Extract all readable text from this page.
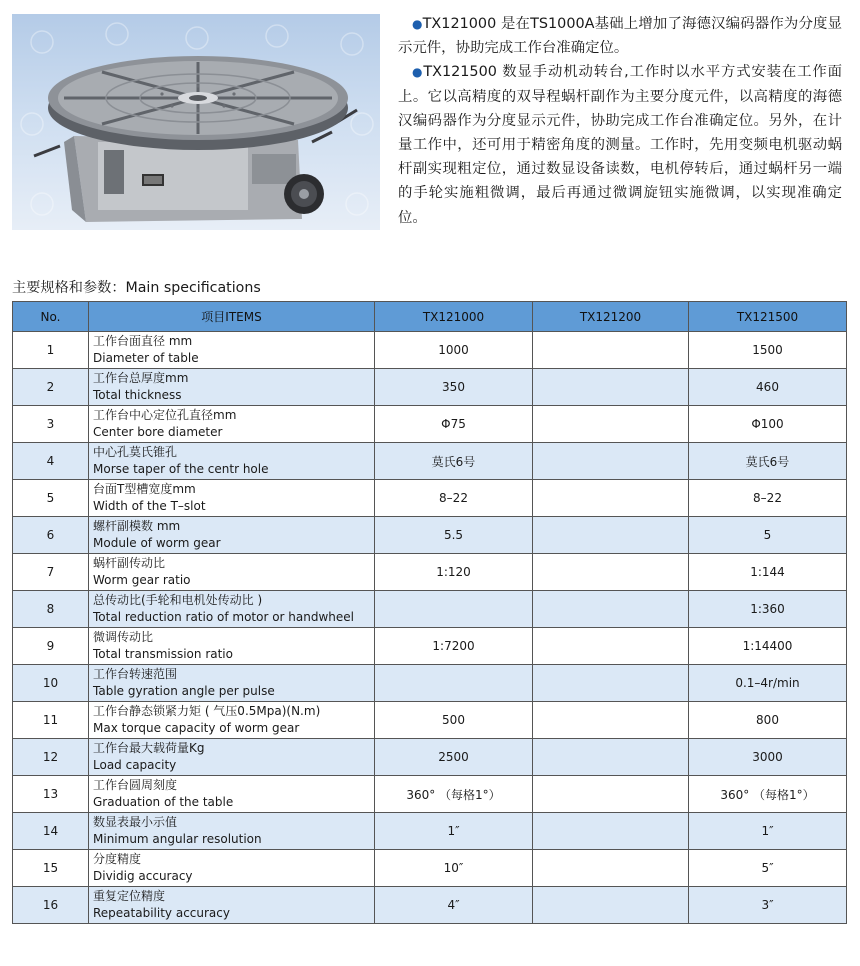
●TX121000 是在TS1000A基础上增加了海德汉编码器作为分度显示元件，协助完成工作台准确定位。

●TX121500 数显手动机动转台,工作时以水平方式安装在工作面上。它以高精度的双导程蜗杆副作为主要分度元件，以高精度的海德汉编码器作为分度显示元件，协助完成工作台准确定位。另外，在计量工作中，还可用于精密角度的测量。工作时，先用变频电机驱动蜗杆副实现粗定位，通过数显设备读数，电机停转后，通过蜗杆另一端的手轮实施粗微调，最后再通过微调旋钮实施微调，以实现准确定位。

主要规格和参数：Main specifications
No.	项目ITEMS	TX121000	TX121200	TX121500
1	工作台面直径 mm
Diameter of table	1000		1500
2	工作台总厚度mm
Total thickness	350		460
3	工作台中心定位孔直径mm
Center bore diameter	Φ75		Φ100
4	中心孔莫氏锥孔
Morse taper of the centr hole	莫氏6号		莫氏6号
5	台面T型槽宽度mm
Width of the T–slot	8–22		8–22
6	螺杆副模数 mm
Module of worm gear	5.5		5
7	蜗杆副传动比
Worm gear ratio	1:120		1:144
8	总传动比(手轮和电机处传动比 )
Total reduction ratio of motor or handwheel			1:360
9	微调传动比
Total transmission ratio	1:7200		1:14400
10	工作台转速范围
Table gyration angle per pulse			0.1–4r/min
11	工作台静态锁紧力矩 ( 气压0.5Mpa)(N.m)
Max torque capacity of worm gear	500		800
12	工作台最大载荷量Kg
Load capacity	2500		3000
13	工作台圆周刻度
Graduation of the table	360° （每格1°）		360° （每格1°）
14	数显表最小示值
Minimum angular resolution	1″		1″
15	分度精度
Dividig accuracy	10″		5″
16	重复定位精度
Repeatability accuracy	4″		3″
